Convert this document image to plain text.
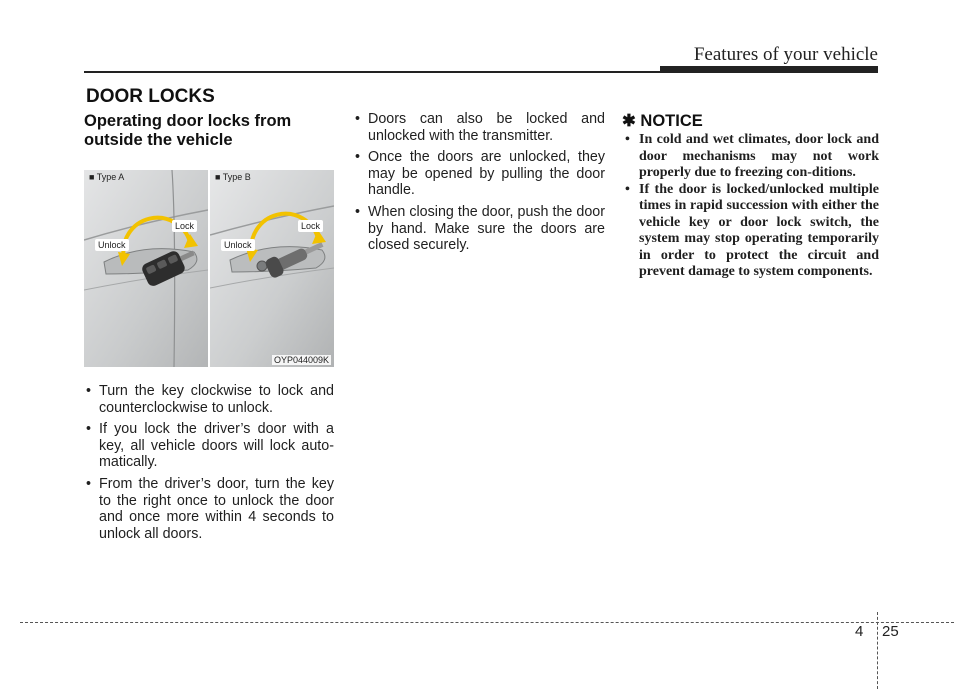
Features of your vehicle
DOOR LOCKS
Operating door locks from
outside the vehicle
■ Type A
Lock
Unlock
■ Type B
Lock
Unlock
OYP044009K
• Turn the key clockwise to lock and counterclockwise to unlock.
• If you lock the driver’s door with a key, all vehicle doors will lock auto-matically.
• From the driver’s door, turn the key to the right once to unlock the door and once more within 4 seconds to unlock all doors.
• Doors can also be locked and unlocked with the transmitter.
• Once the doors are unlocked, they may be opened by pulling the door handle.
• When closing the door, push the door by hand. Make sure the doors are closed securely.
✱ NOTICE
• In cold and wet climates, door lock and door mechanisms may not work properly due to freezing con-ditions.
• If the door is locked/unlocked multiple times in rapid succession with either the vehicle key or door lock switch, the system may stop operating temporarily in order to protect the circuit and prevent damage to system components.
4 25
